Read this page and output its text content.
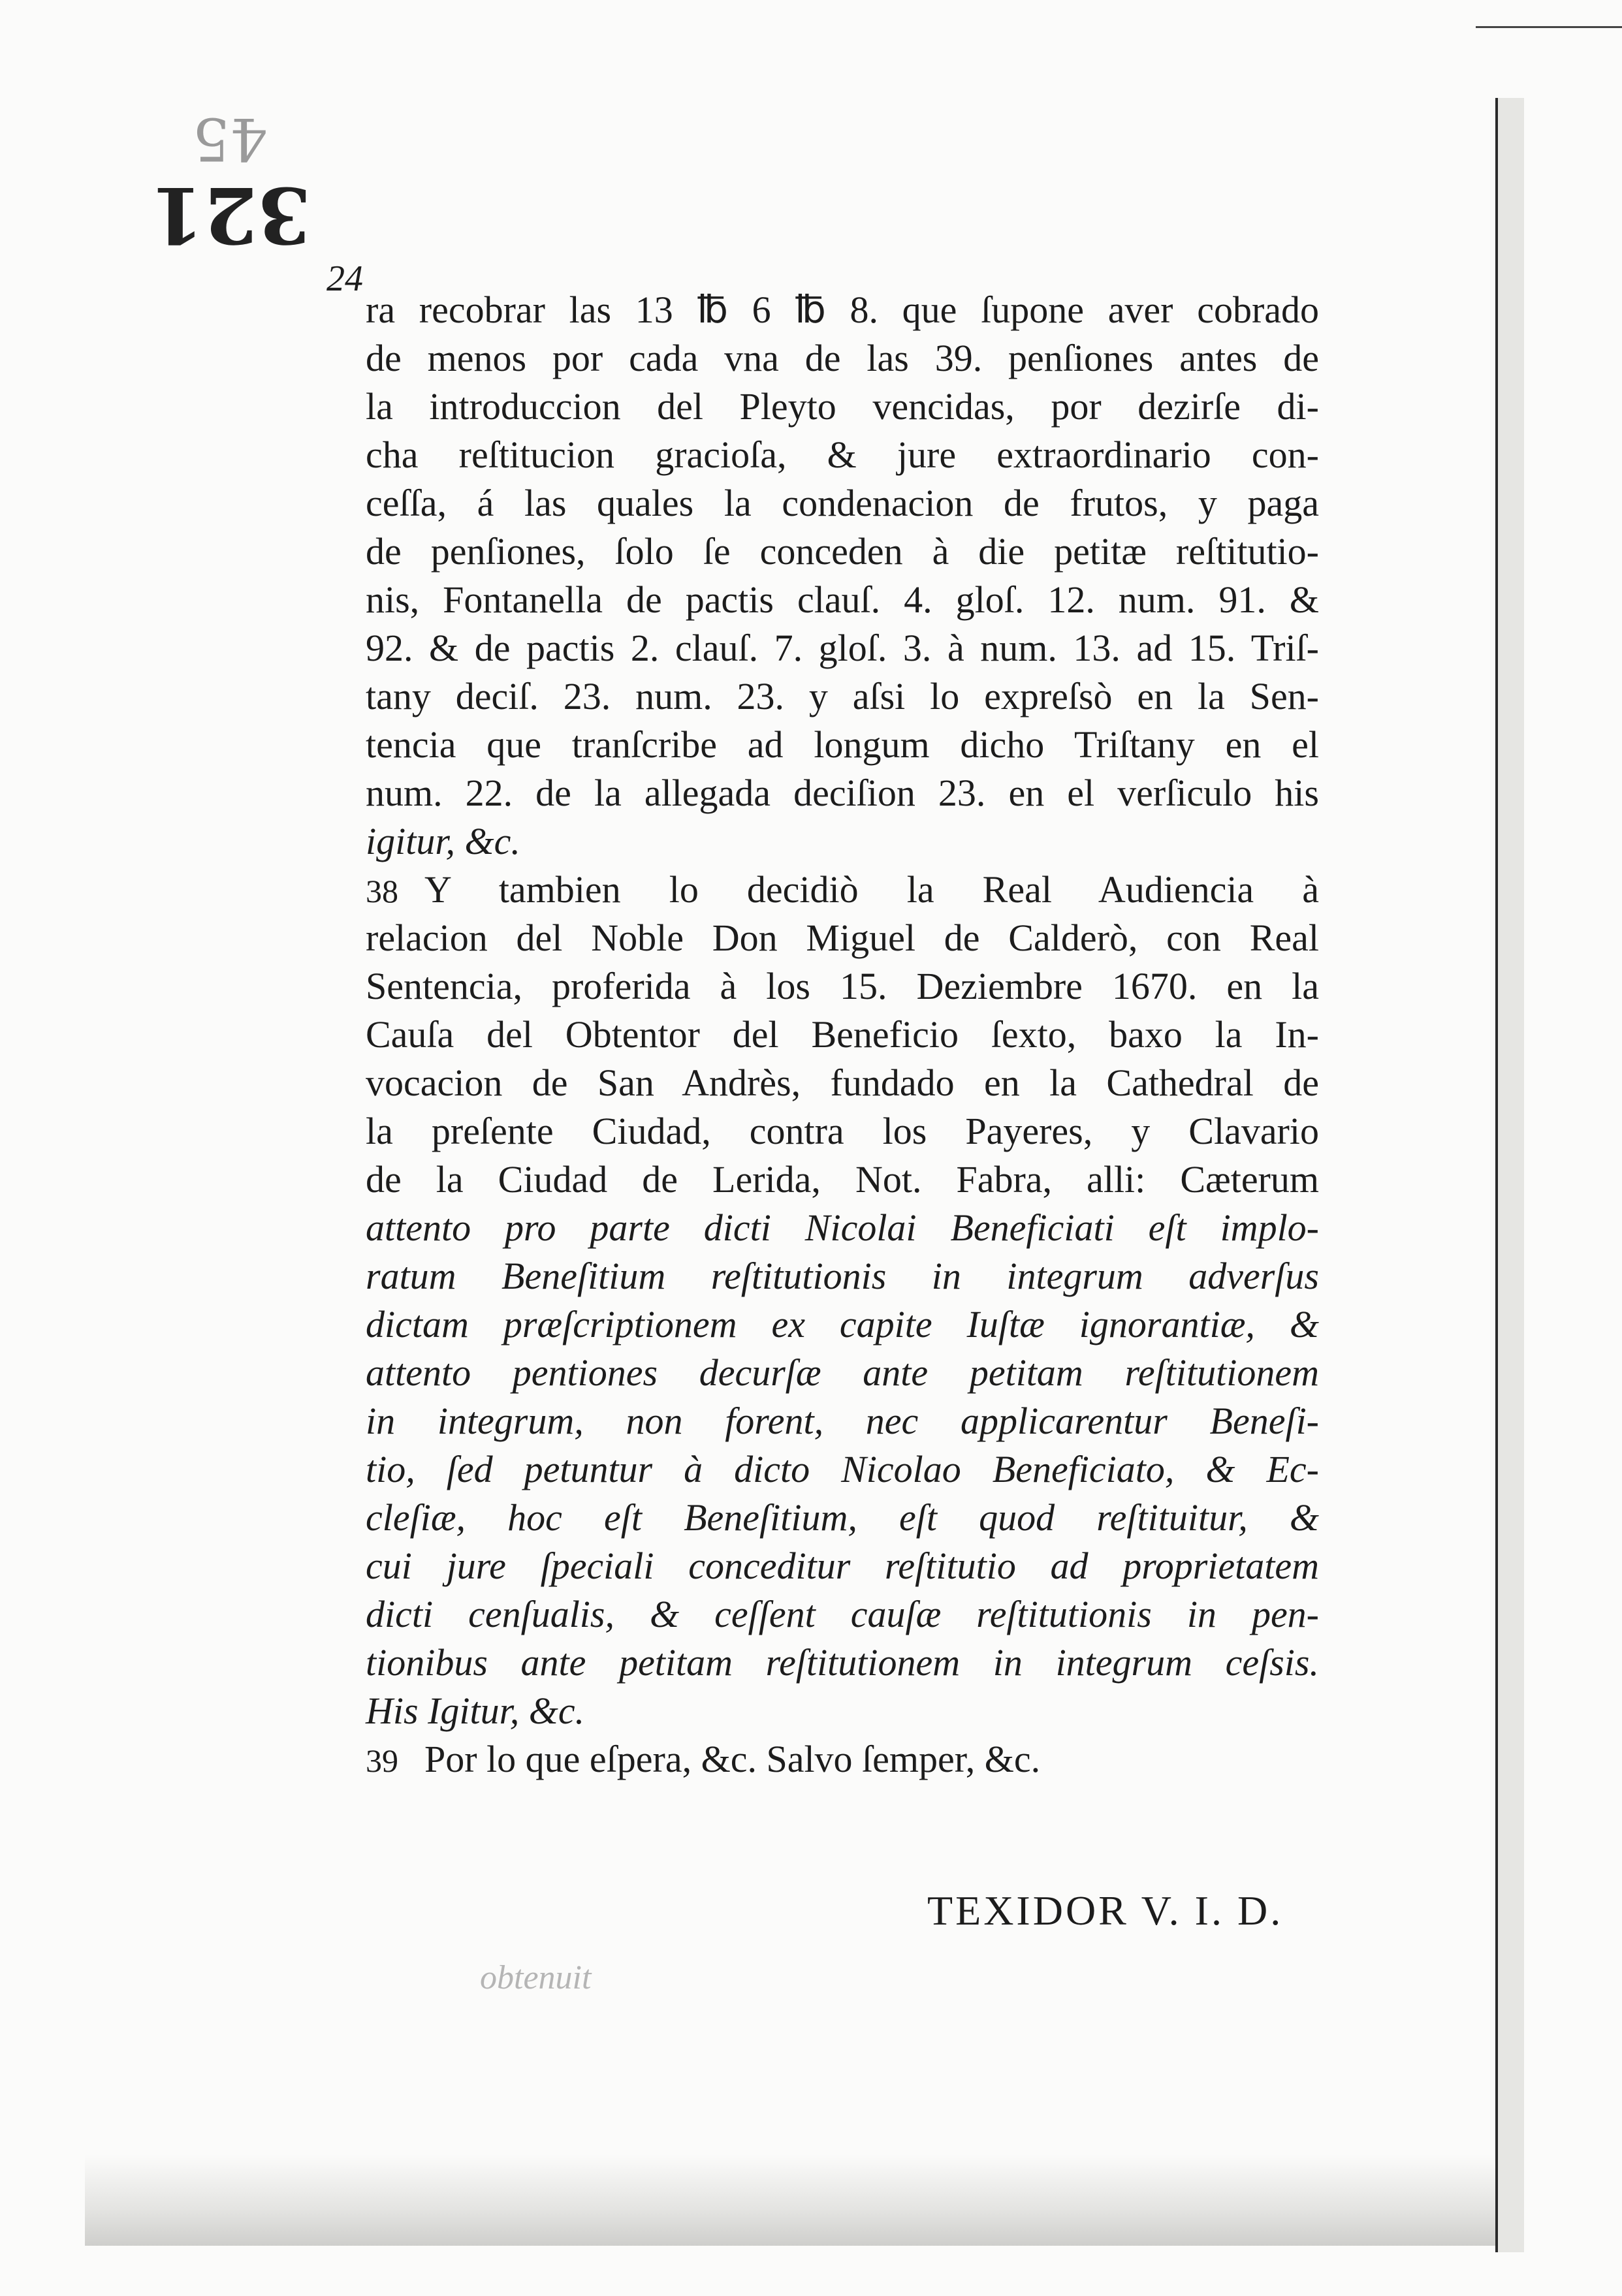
45
321
24
ra recobrar las 13 ℔ 6 ℔ 8. que ſupone aver cobrado
de menos por cada vna de las 39. penſiones antes de
la introduccion del Pleyto vencidas, por dezirſe di-
cha reſtitucion gracioſa, & jure extraordinario con-
ceſſa, á las quales la condenacion de frutos, y paga
de penſiones, ſolo ſe conceden à die petitæ reſtitutio-
nis, Fontanella de pactis clauſ. 4. gloſ. 12. num. 91. &
92. & de pactis 2. clauſ. 7. gloſ. 3. à num. 13. ad 15. Triſ-
tany deciſ. 23. num. 23. y aſsi lo expreſsò en la Sen-
tencia que tranſcribe ad longum dicho Triſtany en el
num. 22. de la allegada deciſion 23. en el verſiculo his
igitur, &c.
38 Y tambien lo decidiò la Real Audiencia à
relacion del Noble Don Miguel de Calderò, con Real
Sentencia, proferida à los 15. Deziembre 1670. en la
Cauſa del Obtentor del Beneficio ſexto, baxo la In-
vocacion de San Andrès, fundado en la Cathedral de
la preſente Ciudad, contra los Payeres, y Clavario
de la Ciudad de Lerida, Not. Fabra, alli: Cæterum
attento pro parte dicti Nicolai Beneficiati eſt implo-
ratum Beneſitium reſtitutionis in integrum adverſus
dictam præſcriptionem ex capite Iuſtæ ignorantiæ, &
attento pentiones decurſæ ante petitam reſtitutionem
in integrum, non forent, nec applicarentur Beneſi-
tio, ſed petuntur à dicto Nicolao Beneficiato, & Ec-
cleſiæ, hoc eſt Beneſitium, eſt quod reſtituitur, &
cui jure ſpeciali conceditur reſtitutio ad proprietatem
dicti cenſualis, & ceſſent cauſæ reſtitutionis in pen-
tionibus ante petitam reſtitutionem in integrum ceſsis.
His Igitur, &c.
39 Por lo que eſpera, &c. Salvo ſemper, &c.
TEXIDOR V. I. D.
obtenuit
